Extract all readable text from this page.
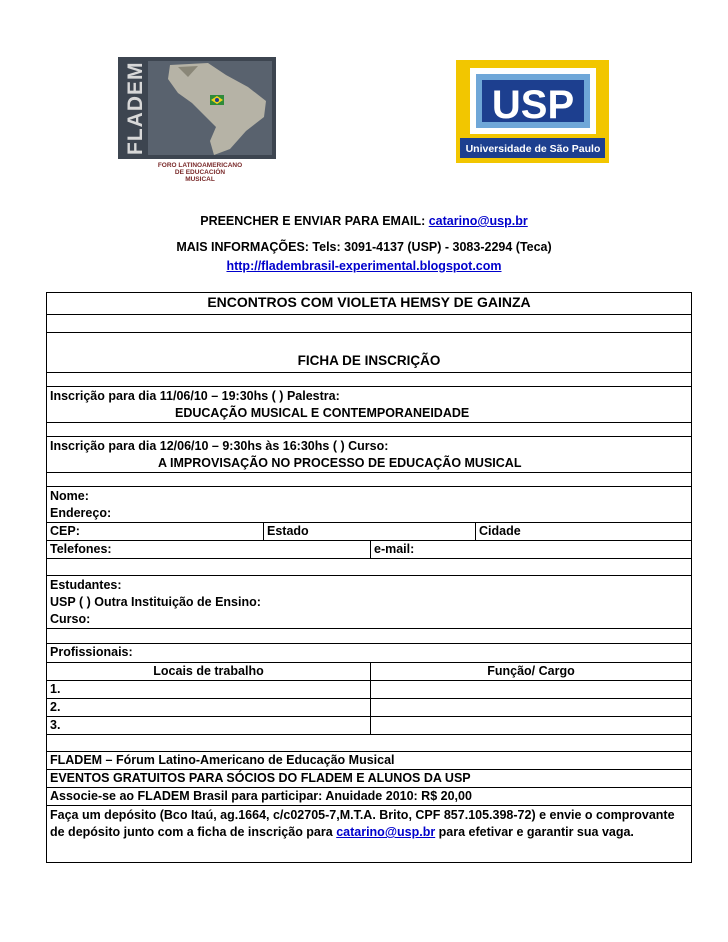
FLADEM
FORO LATINOAMERICANO
DE EDUCACIÓN
MUSICAL
USP
Universidade de São Paulo
PREENCHER E ENVIAR PARA EMAIL: catarino@usp.br
MAIS INFORMAÇÕES: Tels: 3091-4137 (USP) - 3083-2294 (Teca)
http://fladembrasil-experimental.blogspot.com
ENCONTROS COM VIOLETA HEMSY DE GAINZA
FICHA DE INSCRIÇÃO
Inscrição para dia 11/06/10 – 19:30hs ( ) Palestra:
EDUCAÇÃO MUSICAL E CONTEMPORANEIDADE
Inscrição para dia 12/06/10 – 9:30hs às 16:30hs ( ) Curso:
A IMPROVISAÇÃO NO PROCESSO DE EDUCAÇÃO MUSICAL
Nome:
Endereço:
CEP:	Estado	Cidade
Telefones:	e-mail:
Estudantes:
USP ( ) Outra Instituição de Ensino:
Curso:
Profissionais:
Locais de trabalho	Função/ Cargo
1.
2.
3.
FLADEM – Fórum Latino-Americano de Educação Musical
EVENTOS GRATUITOS PARA SÓCIOS DO FLADEM E ALUNOS DA USP
Associe-se ao FLADEM Brasil para participar: Anuidade 2010: R$ 20,00
Faça um depósito (Bco Itaú, ag.1664, c/c02705-7,M.T.A. Brito, CPF 857.105.398-72) e envie o comprovante de depósito junto com a ficha de inscrição para catarino@usp.br para efetivar e garantir sua vaga.
